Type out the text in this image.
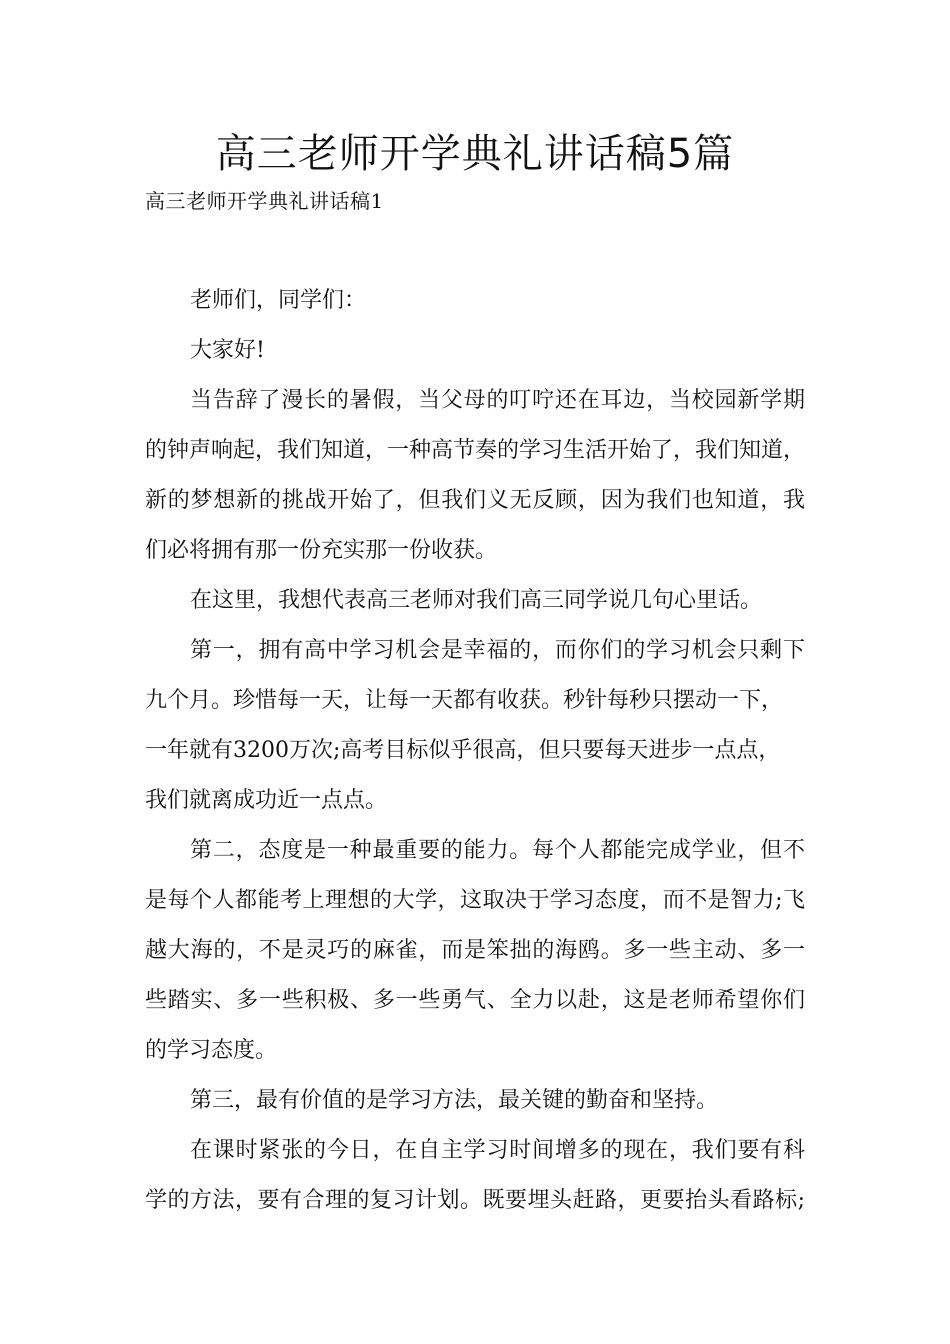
高三老师开学典礼讲话稿5篇

高三老师开学典礼讲话稿1

老师们，同学们：

大家好!

当告辞了漫长的暑假，当父母的叮咛还在耳边，当校园新学期

的钟声响起，我们知道，一种高节奏的学习生活开始了，我们知道，

新的梦想新的挑战开始了，但我们义无反顾，因为我们也知道，我

们必将拥有那一份充实那一份收获。

在这里，我想代表高三老师对我们高三同学说几句心里话。

第一，拥有高中学习机会是幸福的，而你们的学习机会只剩下

九个月。珍惜每一天，让每一天都有收获。秒针每秒只摆动一下，

一年就有3200万次;高考目标似乎很高，但只要每天进步一点点，

我们就离成功近一点点。

第二，态度是一种最重要的能力。每个人都能完成学业，但不

是每个人都能考上理想的大学，这取决于学习态度，而不是智力;飞

越大海的，不是灵巧的麻雀，而是笨拙的海鸥。多一些主动、多一

些踏实、多一些积极、多一些勇气、全力以赴，这是老师希望你们

的学习态度。

第三，最有价值的是学习方法，最关键的勤奋和坚持。

在课时紧张的今日，在自主学习时间增多的现在，我们要有科

学的方法，要有合理的复习计划。既要埋头赶路，更要抬头看路标;
